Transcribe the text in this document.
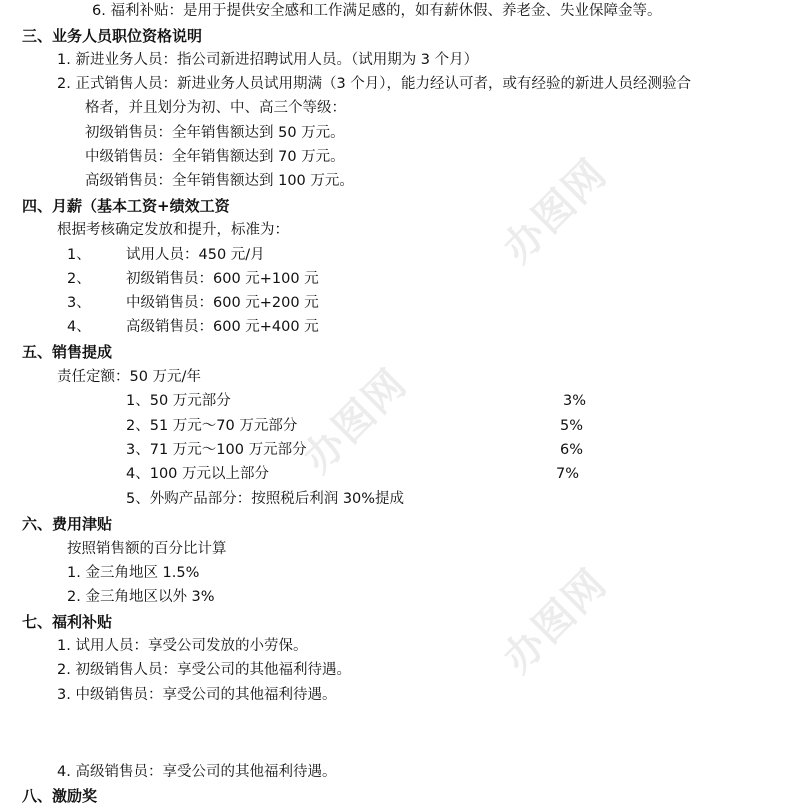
办图网
办图网
办图网
6. 福利补贴：是用于提供安全感和工作满足感的，如有薪休假、养老金、失业保障金等。
三、业务人员职位资格说明
1. 新进业务人员：指公司新进招聘试用人员。（试用期为 3 个月）
2. 正式销售人员：新进业务人员试用期满（3 个月），能力经认可者，或有经验的新进人员经测验合
格者，并且划分为初、中、高三个等级：
初级销售员：全年销售额达到 50 万元。
中级销售员：全年销售额达到 70 万元。
高级销售员：全年销售额达到 100 万元。
四、月薪（基本工资+绩效工资
根据考核确定发放和提升，标准为：
1、 试用人员：450 元/月
2、 初级销售员：600 元+100 元
3、 中级销售员：600 元+200 元
4、 高级销售员：600 元+400 元
五、销售提成
责任定额：50 万元/年
1、50 万元部分	3%
2、51 万元～70 万元部分	5%
3、71 万元～100 万元部分	6%
4、100 万元以上部分	7%
5、外购产品部分：按照税后利润 30%提成
六、费用津贴
按照销售额的百分比计算
1. 金三角地区 1.5%
2. 金三角地区以外 3%
七、福利补贴
1. 试用人员：享受公司发放的小劳保。
2. 初级销售人员：享受公司的其他福利待遇。
3. 中级销售员：享受公司的其他福利待遇。
4. 高级销售员：享受公司的其他福利待遇。
八、激励奖
